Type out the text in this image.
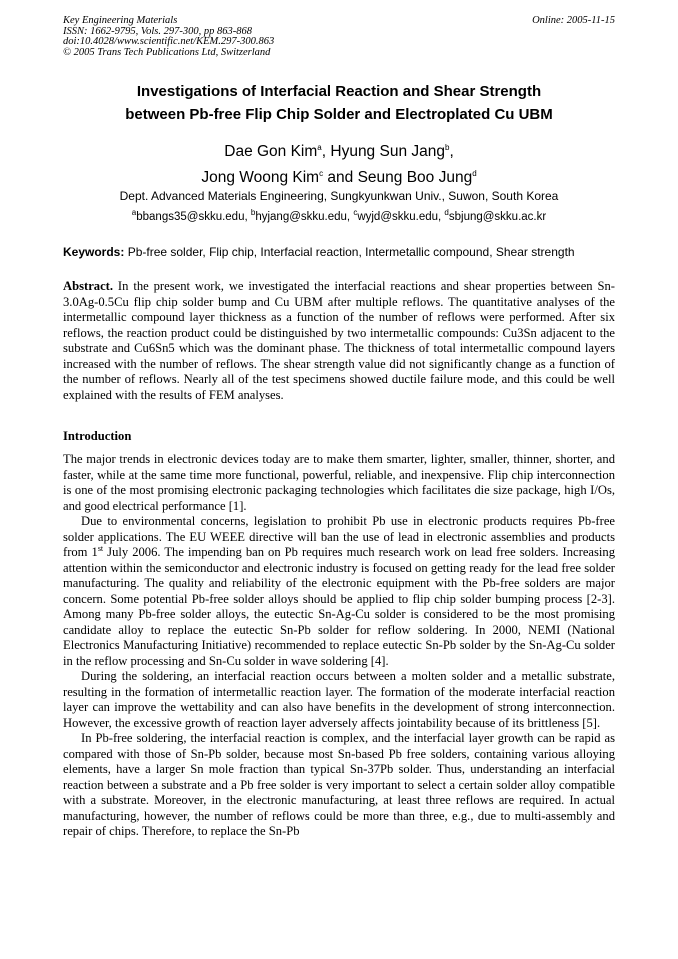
Key Engineering Materials
ISSN: 1662-9795, Vols. 297-300, pp 863-868
doi:10.4028/www.scientific.net/KEM.297-300.863
© 2005 Trans Tech Publications Ltd, Switzerland
Online: 2005-11-15
Investigations of Interfacial Reaction and Shear Strength
between Pb-free Flip Chip Solder and Electroplated Cu UBM
Dae Gon Kim$^a$, Hyung Sun Jang$^b$,
Jong Woong Kim$^c$ and Seung Boo Jung$^d$
Dept. Advanced Materials Engineering, Sungkyunkwan Univ., Suwon, South Korea
$^a$bbangs35@skku.edu, $^b$hyjang@skku.edu, $^c$wyjd@skku.edu, $^d$sbjung@skku.ac.kr
Keywords: Pb-free solder, Flip chip, Interfacial reaction, Intermetallic compound, Shear strength
Abstract. In the present work, we investigated the interfacial reactions and shear properties between Sn-3.0Ag-0.5Cu flip chip solder bump and Cu UBM after multiple reflows. The quantitative analyses of the intermetallic compound layer thickness as a function of the number of reflows were performed. After six reflows, the reaction product could be distinguished by two intermetallic compounds: Cu3Sn adjacent to the substrate and Cu6Sn5 which was the dominant phase. The thickness of total intermetallic compound layers increased with the number of reflows. The shear strength value did not significantly change as a function of the number of reflows. Nearly all of the test specimens showed ductile failure mode, and this could be well explained with the results of FEM analyses.
Introduction

The major trends in electronic devices today are to make them smarter, lighter, smaller, thinner, shorter, and faster, while at the same time more functional, powerful, reliable, and inexpensive. Flip chip interconnection is one of the most promising electronic packaging technologies which facilitates die size package, high I/Os, and good electrical performance [1].

Due to environmental concerns, legislation to prohibit Pb use in electronic products requires Pb-free solder applications. The EU WEEE directive will ban the use of lead in electronic assemblies and products from 1st July 2006. The impending ban on Pb requires much research work on lead free solders. Increasing attention within the semiconductor and electronic industry is focused on getting ready for the lead free solder manufacturing. The quality and reliability of the electronic equipment with the Pb-free solders are major concern. Some potential Pb-free solder alloys should be applied to flip chip solder bumping process [2-3]. Among many Pb-free solder alloys, the eutectic Sn-Ag-Cu solder is considered to be the most promising candidate alloy to replace the eutectic Sn-Pb solder for reflow soldering. In 2000, NEMI (National Electronics Manufacturing Initiative) recommended to replace eutectic Sn-Pb solder by the Sn-Ag-Cu solder in the reflow processing and Sn-Cu solder in wave soldering [4].

During the soldering, an interfacial reaction occurs between a molten solder and a metallic substrate, resulting in the formation of intermetallic reaction layer. The formation of the moderate interfacial reaction layer can improve the wettability and can also have benefits in the development of strong interconnection. However, the excessive growth of reaction layer adversely affects jointability because of its brittleness [5].

In Pb-free soldering, the interfacial reaction is complex, and the interfacial layer growth can be rapid as compared with those of Sn-Pb solder, because most Sn-based Pb free solders, containing various alloying elements, have a larger Sn mole fraction than typical Sn-37Pb solder. Thus, understanding an interfacial reaction between a substrate and a Pb free solder is very important to select a certain solder alloy compatible with a substrate. Moreover, in the electronic manufacturing, at least three reflows are required. In actual manufacturing, however, the number of reflows could be more than three, e.g., due to multi-assembly and repair of chips. Therefore, to replace the Sn-Pb
